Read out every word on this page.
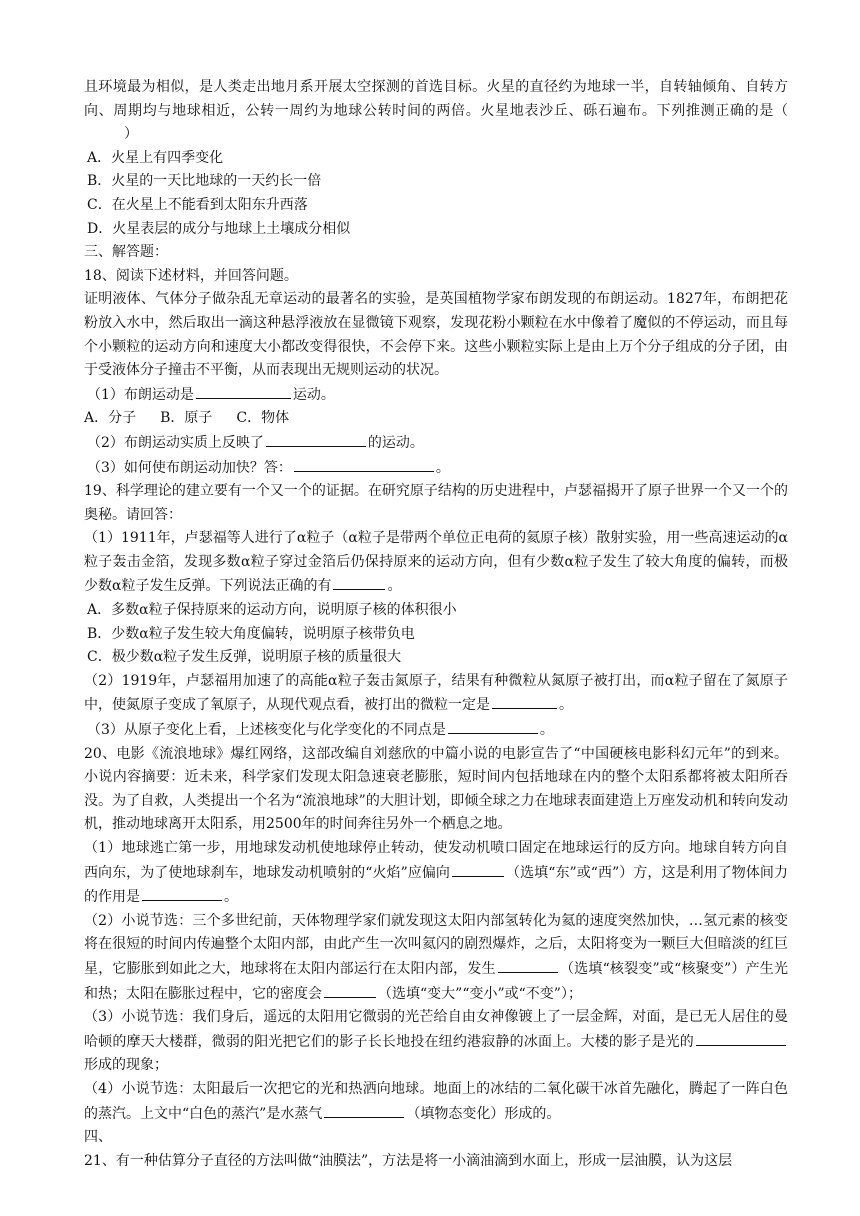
且环境最为相似，是人类走出地月系开展太空探测的首选目标。火星的直径约为地球一半，自转轴倾角、自转方向、周期均与地球相近，公转一周约为地球公转时间的两倍。火星地表沙丘、砾石遍布。下列推测正确的是（）

A．火星上有四季变化

B．火星的一天比地球的一天约长一倍

C．在火星上不能看到太阳东升西落

D．火星表层的成分与地球上土壤成分相似

三、解答题：

18、阅读下述材料，并回答问题。

证明液体、气体分子做杂乱无章运动的最著名的实验，是英国植物学家布朗发现的布朗运动。1827年，布朗把花粉放入水中，然后取出一滴这种悬浮液放在显微镜下观察，发现花粉小颗粒在水中像着了魔似的不停运动，而且每个小颗粒的运动方向和速度大小都改变得很快，不会停下来。这些小颗粒实际上是由上万个分子组成的分子团，由于受液体分子撞击不平衡，从而表现出无规则运动的状况。

（1）布朗运动是	运动。

A．分子 B．原子 C．物体

（2）布朗运动实质上反映了	的运动。

（3）如何使布朗运动加快？答：	。

19、科学理论的建立要有一个又一个的证据。在研究原子结构的历史进程中，卢瑟福揭开了原子世界一个又一个的奥秘。请回答：

（1）1911年，卢瑟福等人进行了α粒子（α粒子是带两个单位正电荷的氦原子核）散射实验，用一些高速运动的α粒子轰击金箔，发现多数α粒子穿过金箔后仍保持原来的运动方向，但有少数α粒子发生了较大角度的偏转，而极少数α粒子发生反弹。下列说法正确的有	。

A．多数α粒子保持原来的运动方向，说明原子核的体积很小

B．少数α粒子发生较大角度偏转，说明原子核带负电

C．极少数α粒子发生反弹，说明原子核的质量很大

（2）1919年，卢瑟福用加速了的高能α粒子轰击氮原子，结果有种微粒从氮原子被打出，而α粒子留在了氮原子中，使氮原子变成了氧原子，从现代观点看，被打出的微粒一定是	。

（3）从原子变化上看，上述核变化与化学变化的不同点是	。

20、电影《流浪地球》爆红网络，这部改编自刘慈欣的中篇小说的电影宣告了“中国硬核电影科幻元年”的到来。小说内容摘要：近未来，科学家们发现太阳急速衰老膨胀，短时间内包括地球在内的整个太阳系都将被太阳所吞没。为了自救，人类提出一个名为“流浪地球”的大胆计划，即倾全球之力在地球表面建造上万座发动机和转向发动机，推动地球离开太阳系，用2500年的时间奔往另外一个栖息之地。

（1）地球逃亡第一步，用地球发动机使地球停止转动，使发动机喷口固定在地球运行的反方向。地球自转方向自西向东，为了使地球刹车，地球发动机喷射的“火焰”应偏向	（选填“东”或“西”）方，这是利用了物体间力的作用是	。

（2）小说节选：三个多世纪前，天体物理学家们就发现这太阳内部氢转化为氦的速度突然加快，…氢元素的核变将在很短的时间内传遍整个太阳内部，由此产生一次叫氦闪的剧烈爆炸，之后，太阳将变为一颗巨大但暗淡的红巨星，它膨胀到如此之大，地球将在太阳内部运行在太阳内部，发生	（选填“核裂变”或“核聚变”）产生光和热；太阳在膨胀过程中，它的密度会	（选填“变大”“变小”或“不变”）；

（3）小说节选：我们身后，遥远的太阳用它微弱的光芒给自由女神像镀上了一层金辉，对面，是已无人居住的曼哈顿的摩天大楼群，微弱的阳光把它们的影子长长地投在纽约港寂静的冰面上。大楼的影子是光的形成的现象；

（4）小说节选：太阳最后一次把它的光和热洒向地球。地面上的冰结的二氧化碳干冰首先融化，腾起了一阵白色的蒸汽。上文中“白色的蒸汽”是水蒸气	（填物态变化）形成的。

四、

21、有一种估算分子直径的方法叫做“油膜法”，方法是将一小滴油滴到水面上，形成一层油膜，认为这层
